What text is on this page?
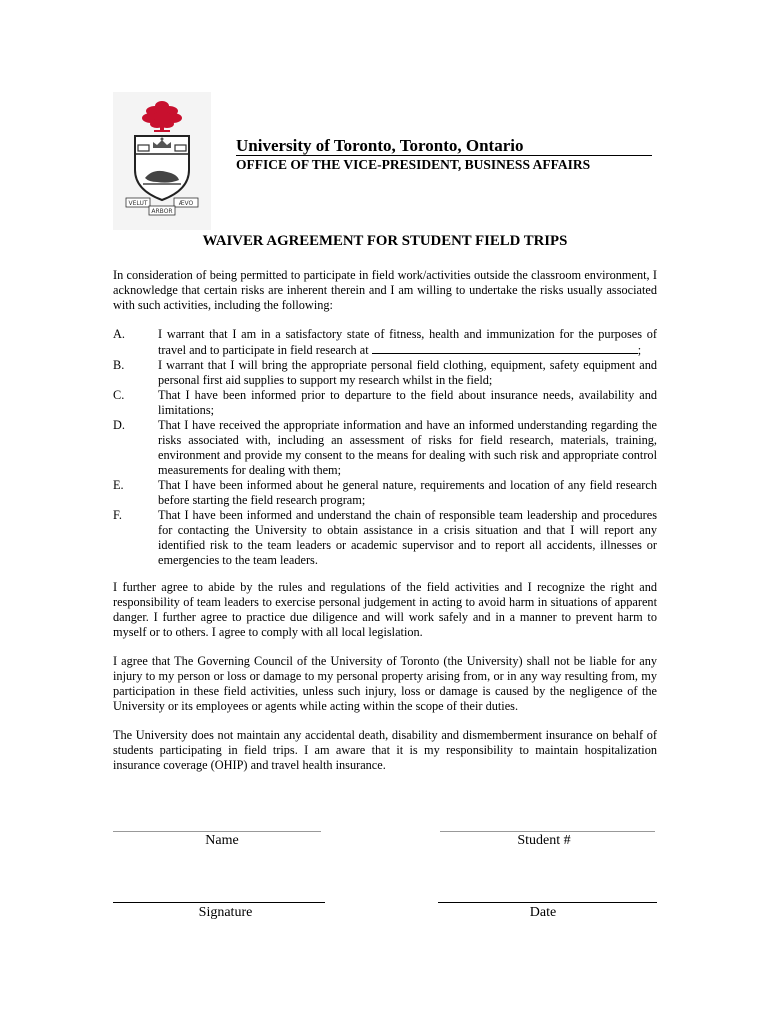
VELUT
ARBOR
ÆVO
University of Toronto, Toronto, Ontario
OFFICE OF THE VICE-PRESIDENT, BUSINESS AFFAIRS
WAIVER AGREEMENT FOR STUDENT FIELD TRIPS
In consideration of being permitted to participate in field work/activities outside the classroom environment, I acknowledge that certain risks are inherent therein and I am willing to undertake the risks usually associated with such activities, including the following:
A.	I warrant that I am in a satisfactory state of fitness, health and immunization for the purposes of travel and to participate in field research at	;
B.	I warrant that I will bring the appropriate personal field clothing, equipment, safety equipment and personal first aid supplies to support my research whilst in the field;
C.	That I have been informed prior to departure to the field about insurance needs, availability and limitations;
D.	That I have received the appropriate information and have an informed understanding regarding the risks associated with, including an assessment of risks for field research, materials, training, environment and provide my consent to the means for dealing with such risk and appropriate control measurements for dealing with them;
E.	That I have been informed about he general nature, requirements and location of any field research before starting the field research program;
F.	That I have been informed and understand the chain of responsible team leadership and procedures for contacting the University to obtain assistance in a crisis situation and that I will report any identified risk to the team leaders or academic supervisor and to report all accidents, illnesses or emergencies to the team leaders.
I further agree to abide by the rules and regulations of the field activities and I recognize the right and responsibility of team leaders to exercise personal judgement in acting to avoid harm in situations of apparent danger. I further agree to practice due diligence and will work safely and in a manner to prevent harm to myself or to others. I agree to comply with all local legislation.
I agree that The Governing Council of the University of Toronto (the University) shall not be liable for any injury to my person or loss or damage to my personal property arising from, or in any way resulting from, my participation in these field activities, unless such injury, loss or damage is caused by the negligence of the University or its employees or agents while acting within the scope of their duties.
The University does not maintain any accidental death, disability and dismemberment insurance on behalf of students participating in field trips. I am aware that it is my responsibility to maintain hospitalization insurance coverage (OHIP) and travel health insurance.
Name	Student #
Signature	Date
